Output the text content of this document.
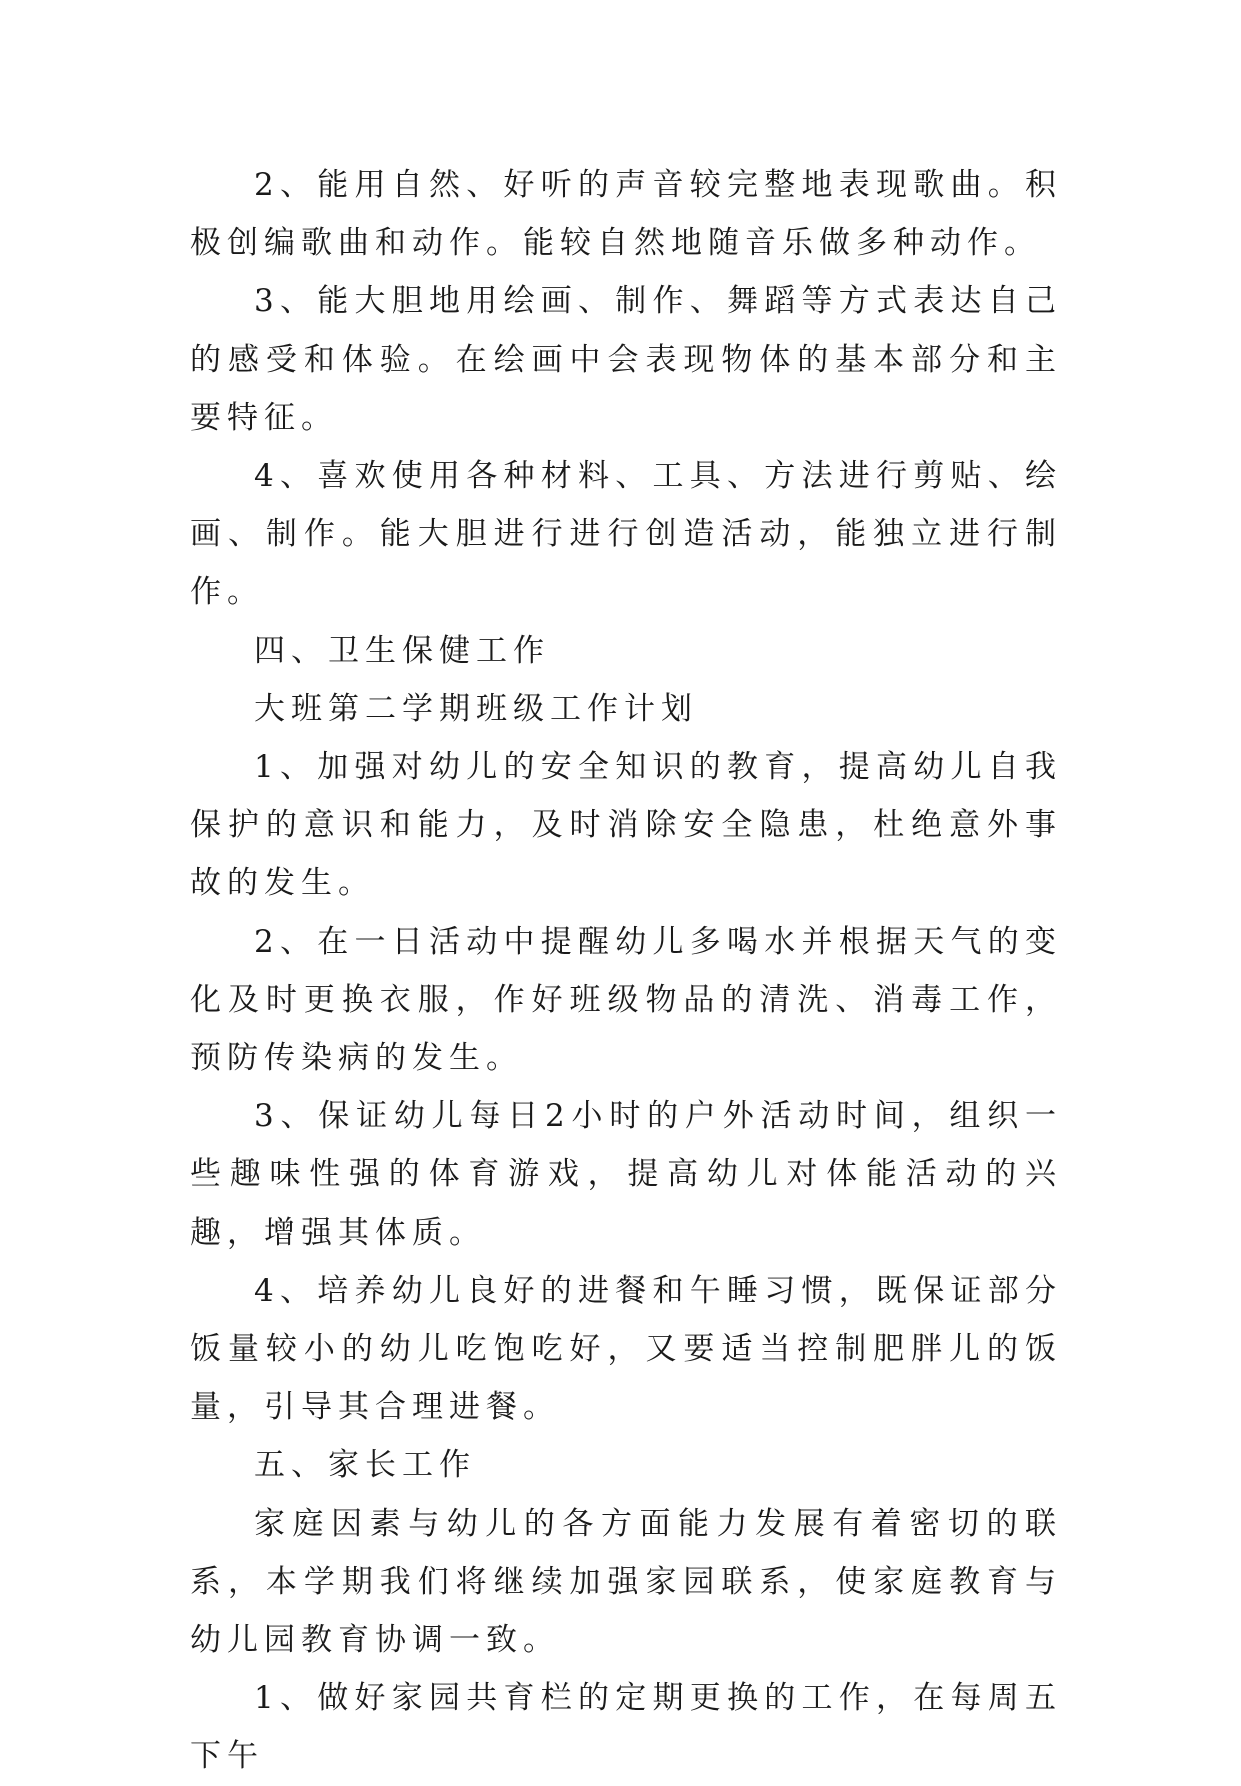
2、能用自然、好听的声音较完整地表现歌曲。积极创编歌曲和动作。能较自然地随音乐做多种动作。

3、能大胆地用绘画、制作、舞蹈等方式表达自己的感受和体验。在绘画中会表现物体的基本部分和主要特征。

4、喜欢使用各种材料、工具、方法进行剪贴、绘画、制作。能大胆进行进行创造活动，能独立进行制作。

四、卫生保健工作

大班第二学期班级工作计划

1、加强对幼儿的安全知识的教育，提高幼儿自我保护的意识和能力，及时消除安全隐患，杜绝意外事故的发生。

2、在一日活动中提醒幼儿多喝水并根据天气的变化及时更换衣服，作好班级物品的清洗、消毒工作，预防传染病的发生。

3、保证幼儿每日2小时的户外活动时间，组织一些趣味性强的体育游戏，提高幼儿对体能活动的兴趣，增强其体质。

4、培养幼儿良好的进餐和午睡习惯，既保证部分饭量较小的幼儿吃饱吃好，又要适当控制肥胖儿的饭量，引导其合理进餐。

五、家长工作

家庭因素与幼儿的各方面能力发展有着密切的联系，本学期我们将继续加强家园联系，使家庭教育与幼儿园教育协调一致。

1、做好家园共育栏的定期更换的工作，在每周五下午
